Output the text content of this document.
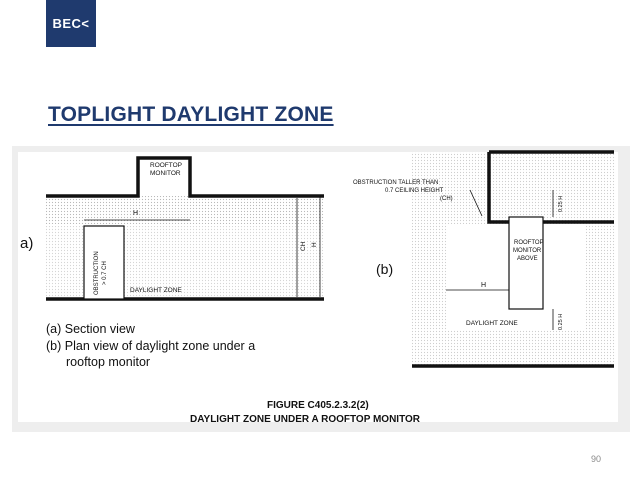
BEC<
TOPLIGHT DAYLIGHT ZONE
a)
ROOFTOP
MONITOR
H
OBSTRUCTION > 0.7 CH
DAYLIGHT ZONE
CH H
(b)
OBSTRUCTION TALLER THAN
0.7 CEILING HEIGHT
(CH)
ROOFTOP
MONITOR
ABOVE
H
DAYLIGHT ZONE
0.25 H
0.25 H
(a) Section view
(b) Plan view of daylight zone under a
rooftop monitor
FIGURE C405.2.3.2(2)
DAYLIGHT ZONE UNDER A ROOFTOP MONITOR
90
